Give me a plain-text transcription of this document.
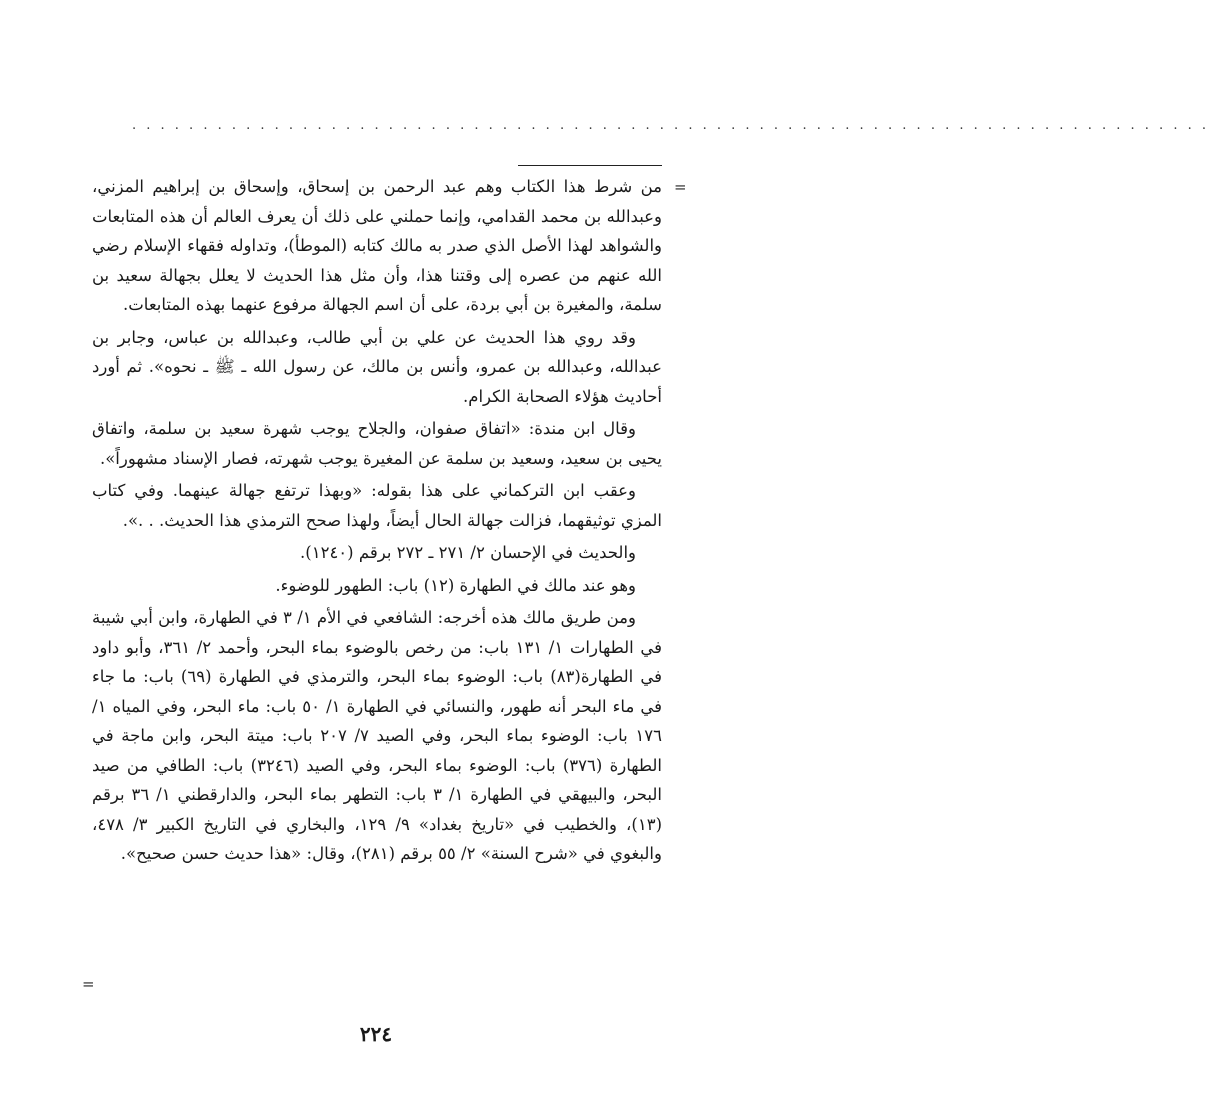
. . . . . . . . . . . . . . . . . . . . . . . . . . . . . . . . . . . . . . . . . . . . . . . . . . . . . . . . . . . . . . . . . . . . . . . . . . . .
=

من شرط هذا الكتاب وهم عبد الرحمن بن إسحاق، وإسحاق بن إبراهيم المزني، وعبدالله بن محمد القدامي، وإنما حملني على ذلك أن يعرف العالم أن هذه المتابعات والشواهد لهذا الأصل الذي صدر به مالك كتابه (الموطأ)، وتداوله فقهاء الإسلام رضي الله عنهم من عصره إلى وقتنا هذا، وأن مثل هذا الحديث لا يعلل بجهالة سعيد بن سلمة، والمغيرة بن أبي بردة، على أن اسم الجهالة مرفوع عنهما بهذه المتابعات.

وقد روي هذا الحديث عن علي بن أبي طالب، وعبدالله بن عباس، وجابر بن عبدالله، وعبدالله بن عمرو، وأنس بن مالك، عن رسول الله ـ ﷺ ـ نحوه». ثم أورد أحاديث هؤلاء الصحابة الكرام.

وقال ابن مندة: «اتفاق صفوان، والجلاح يوجب شهرة سعيد بن سلمة، واتفاق يحيى بن سعيد، وسعيد بن سلمة عن المغيرة يوجب شهرته، فصار الإسناد مشهوراً».

وعقب ابن التركماني على هذا بقوله: «وبهذا ترتفع جهالة عينهما. وفي كتاب المزي توثيقهما، فزالت جهالة الحال أيضاً، ولهذا صحح الترمذي هذا الحديث. . .».

والحديث في الإحسان ٢/ ٢٧١ ـ ٢٧٢ برقم (١٢٤٠).

وهو عند مالك في الطهارة (١٢) باب: الطهور للوضوء.

ومن طريق مالك هذه أخرجه: الشافعي في الأم ١/ ٣ في الطهارة، وابن أبي شيبة في الطهارات ١/ ١٣١ باب: من رخص بالوضوء بماء البحر، وأحمد ٢/ ٣٦١، وأبو داود في الطهارة(٨٣) باب: الوضوء بماء البحر، والترمذي في الطهارة (٦٩) باب: ما جاء في ماء البحر أنه طهور، والنسائي في الطهارة ١/ ٥٠ باب: ماء البحر، وفي المياه ١/ ١٧٦ باب: الوضوء بماء البحر، وفي الصيد ٧/ ٢٠٧ باب: ميتة البحر، وابن ماجة في الطهارة (٣٧٦) باب: الوضوء بماء البحر، وفي الصيد (٣٢٤٦) باب: الطافي من صيد البحر، والبيهقي في الطهارة ١/ ٣ باب: التطهر بماء البحر، والدارقطني ١/ ٣٦ برقم (١٣)، والخطيب في «تاريخ بغداد» ٩/ ١٢٩، والبخاري في التاريخ الكبير ٣/ ٤٧٨، والبغوي في «شرح السنة» ٢/ ٥٥ برقم (٢٨١)، وقال: «هذا حديث حسن صحيح».

=
٢٢٤
